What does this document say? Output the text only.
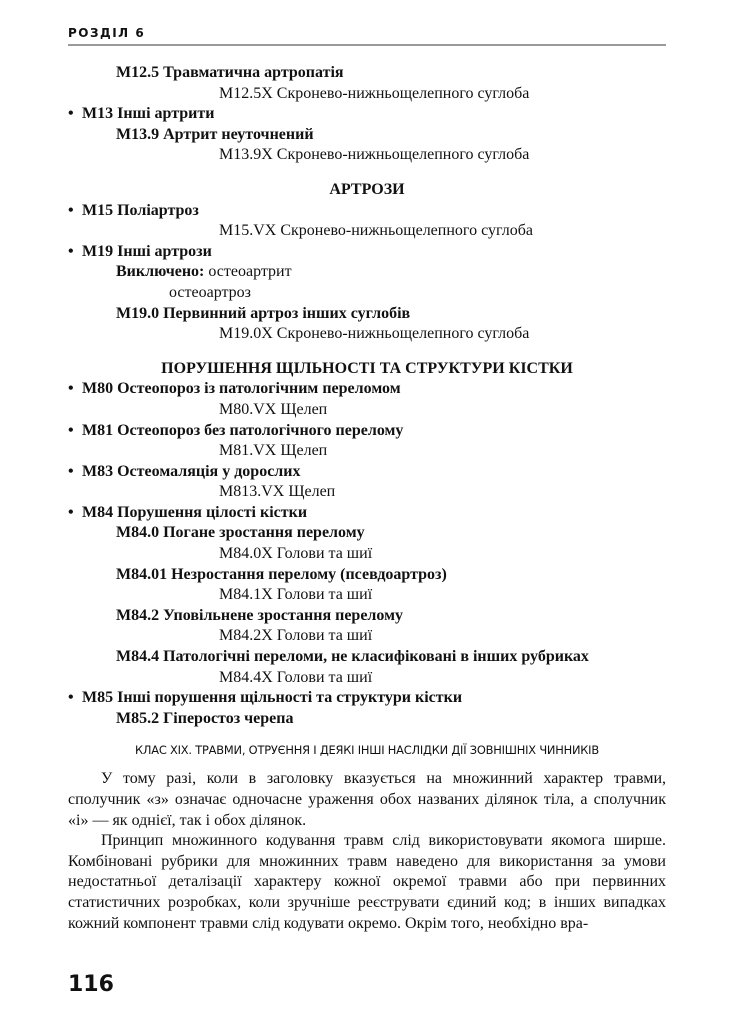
РОЗДІЛ 6
M12.5 Травматична артропатія
M12.5X Скронево-нижньощелепного суглоба
• M13 Інші артрити
M13.9 Артрит неуточнений
M13.9X Скронево-нижньощелепного суглоба
АРТРОЗИ
• M15 Поліартроз
M15.VX Скронево-нижньощелепного суглоба
• M19 Інші артрози
Виключено: остеоартрит
остеоартроз
M19.0 Первинний артроз інших суглобів
M19.0X Скронево-нижньощелепного суглоба
ПОРУШЕННЯ ЩІЛЬНОСТІ ТА СТРУКТУРИ КІСТКИ
• M80 Остеопороз із патологічним переломом
M80.VX Щелеп
• M81 Остеопороз без патологічного перелому
M81.VX Щелеп
• M83 Остеомаляція у дорослих
M813.VX Щелеп
• M84 Порушення цілості кістки
M84.0 Погане зростання перелому
M84.0X Голови та шиї
M84.01 Незростання перелому (псевдоартроз)
M84.1X Голови та шиї
M84.2 Уповільнене зростання перелому
M84.2X Голови та шиї
M84.4 Патологічні переломи, не класифіковані в інших рубриках
M84.4X Голови та шиї
• M85 Інші порушення щільності та структури кістки
M85.2 Гіперостоз черепа
КЛАС XIX. ТРАВМИ, ОТРУЄННЯ І ДЕЯКІ ІНШІ НАСЛІДКИ ДІЇ ЗОВНІШНІХ ЧИННИКІВ

У тому разі, коли в заголовку вказується на множинний характер травми, сполучник «з» означає одночасне ураження обох названих ділянок тіла, а сполучник «і» — як однієї, так і обох ділянок.

Принцип множинного кодування травм слід використовувати якомога ширше. Комбіновані рубрики для множинних травм наведено для використання за умови недостатньої деталізації характеру кожної окремої травми або при первинних статистичних розробках, коли зручніше реєструвати єдиний код; в інших випадках кожний компонент травми слід кодувати окремо. Окрім того, необхідно вра-

116
